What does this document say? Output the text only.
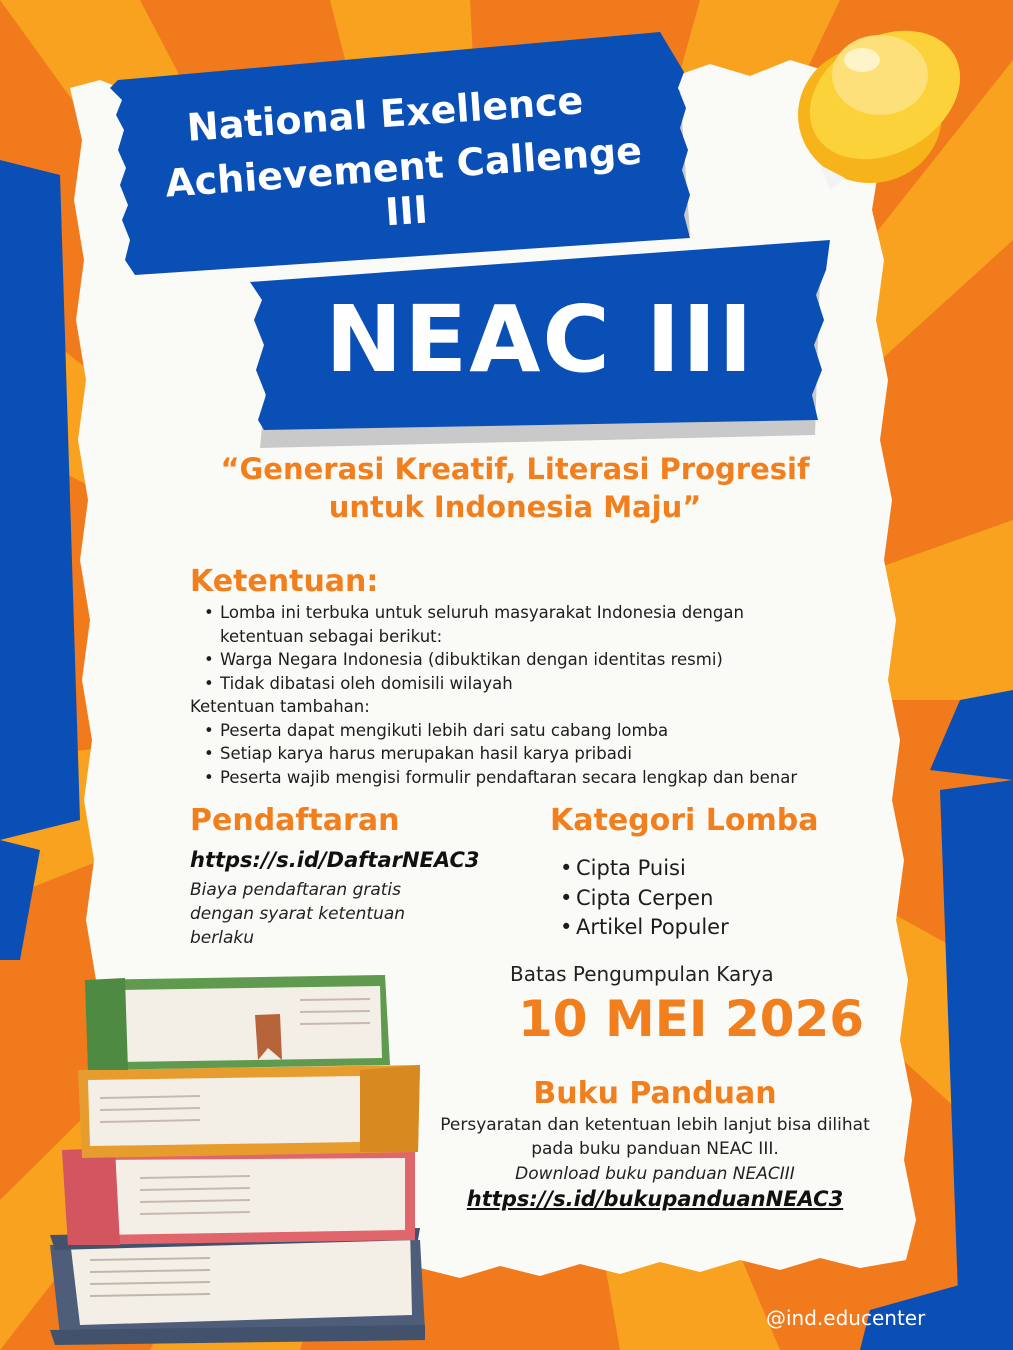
National Exellence
Achievement Callenge III
NEAC III
“Generasi Kreatif, Literasi Progresif
untuk Indonesia Maju”
Ketentuan:
• Lomba ini terbuka untuk seluruh masyarakat Indonesia dengan
ketentuan sebagai berikut:
• Warga Negara Indonesia (dibuktikan dengan identitas resmi)
• Tidak dibatasi oleh domisili wilayah
Ketentuan tambahan:
• Peserta dapat mengikuti lebih dari satu cabang lomba
• Setiap karya harus merupakan hasil karya pribadi
• Peserta wajib mengisi formulir pendaftaran secara lengkap dan benar
Pendaftaran
https://s.id/DaftarNEAC3
Biaya pendaftaran gratis
dengan syarat ketentuan
berlaku
Kategori Lomba
• Cipta Puisi
• Cipta Cerpen
• Artikel Populer
Batas Pengumpulan Karya
10 MEI 2026
Buku Panduan
Persyaratan dan ketentuan lebih lanjut bisa dilihat
pada buku panduan NEAC III.
Download buku panduan NEACIII
https://s.id/bukupanduanNEAC3
@ind.educenter
